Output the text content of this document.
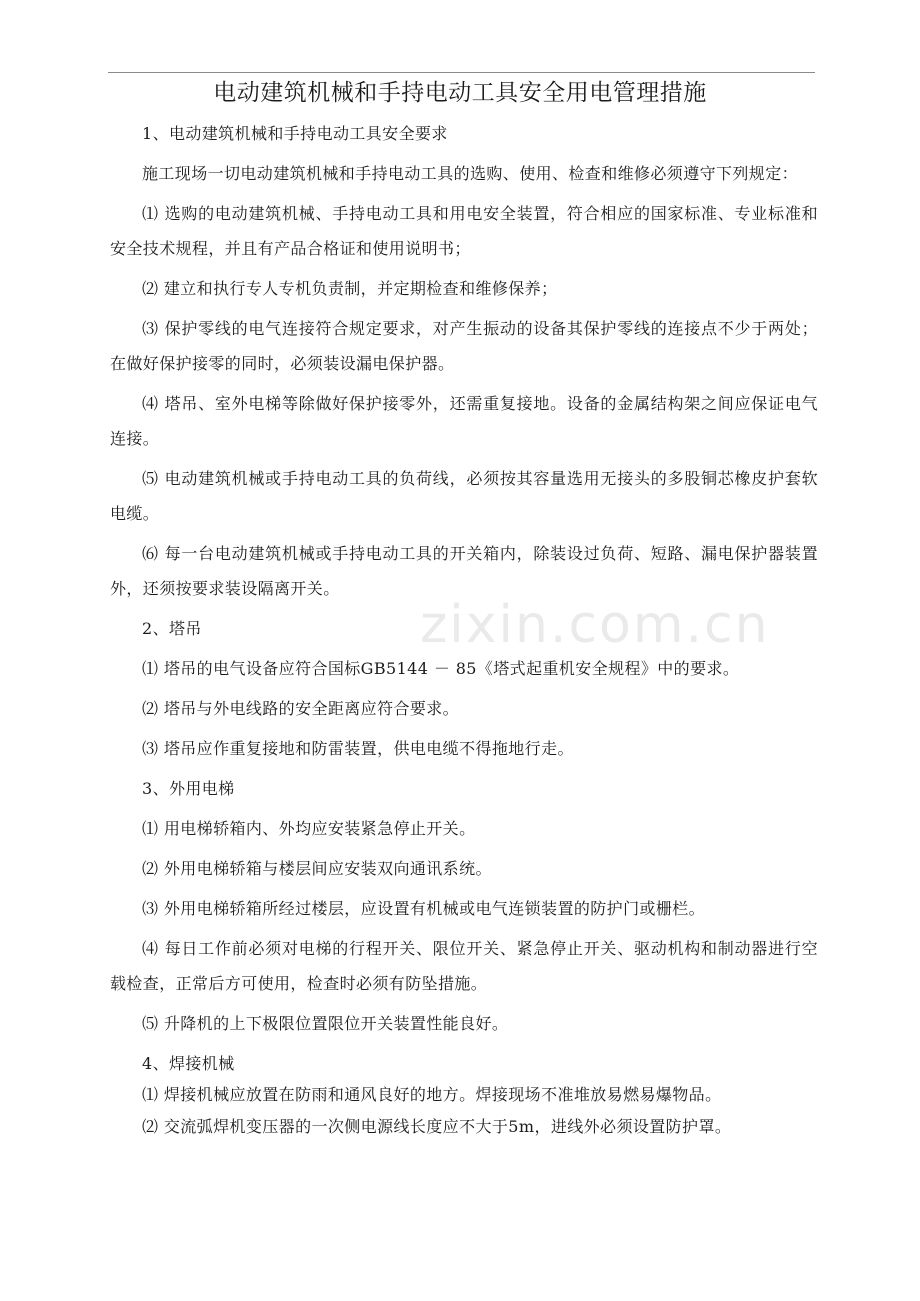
电动建筑机械和手持电动工具安全用电管理措施
zixin.com.cn

1、电动建筑机械和手持电动工具安全要求

施工现场一切电动建筑机械和手持电动工具的选购、使用、检查和维修必须遵守下列规定：

⑴ 选购的电动建筑机械、手持电动工具和用电安全装置，符合相应的国家标准、专业标准和安全技术规程，并且有产品合格证和使用说明书；

⑵ 建立和执行专人专机负责制，并定期检查和维修保养；

⑶ 保护零线的电气连接符合规定要求，对产生振动的设备其保护零线的连接点不少于两处；在做好保护接零的同时，必须装设漏电保护器。

⑷ 塔吊、室外电梯等除做好保护接零外，还需重复接地。设备的金属结构架之间应保证电气连接。

⑸ 电动建筑机械或手持电动工具的负荷线，必须按其容量选用无接头的多股铜芯橡皮护套软电缆。

⑹ 每一台电动建筑机械或手持电动工具的开关箱内，除装设过负荷、短路、漏电保护器装置外，还须按要求装设隔离开关。

2、塔吊

⑴ 塔吊的电气设备应符合国标GB5144 － 85《塔式起重机安全规程》中的要求。

⑵ 塔吊与外电线路的安全距离应符合要求。

⑶ 塔吊应作重复接地和防雷装置，供电电缆不得拖地行走。

3、外用电梯

⑴ 用电梯轿箱内、外均应安装紧急停止开关。

⑵ 外用电梯轿箱与楼层间应安装双向通讯系统。

⑶ 外用电梯轿箱所经过楼层，应设置有机械或电气连锁装置的防护门或栅栏。

⑷ 每日工作前必须对电梯的行程开关、限位开关、紧急停止开关、驱动机构和制动器进行空载检查，正常后方可使用，检查时必须有防坠措施。

⑸ 升降机的上下极限位置限位开关装置性能良好。

4、焊接机械

⑴ 焊接机械应放置在防雨和通风良好的地方。焊接现场不准堆放易燃易爆物品。

⑵ 交流弧焊机变压器的一次侧电源线长度应不大于5m，进线外必须设置防护罩。
